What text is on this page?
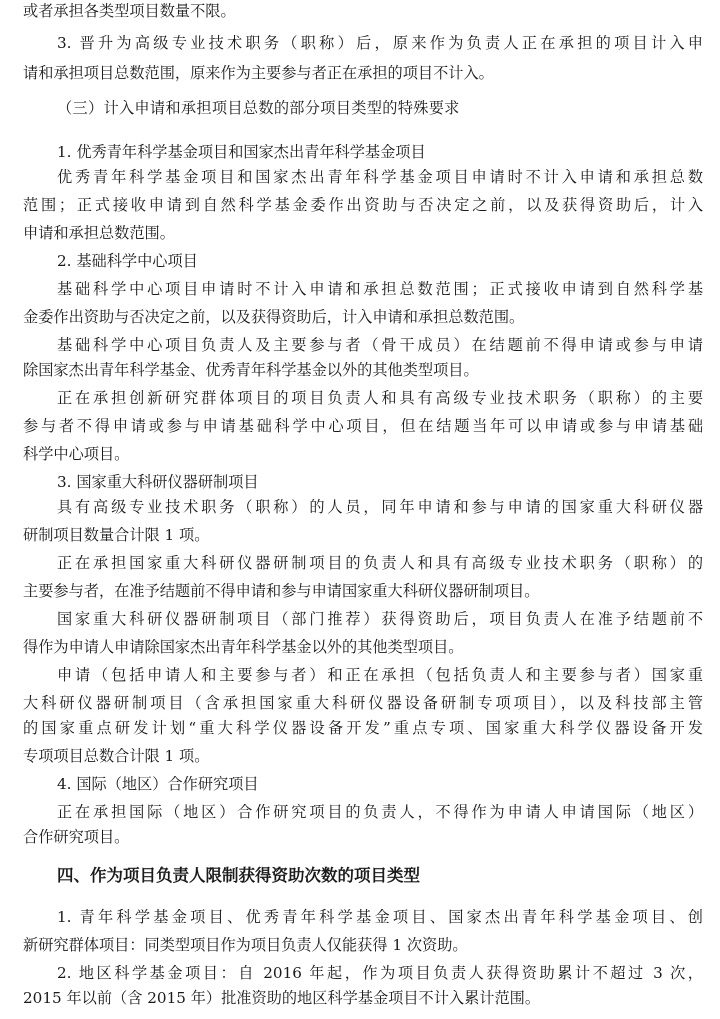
或者承担各类型项目数量不限。
3. 晋升为高级专业技术职务（职称）后，原来作为负责人正在承担的项目计入申
请和承担项目总数范围，原来作为主要参与者正在承担的项目不计入。
（三）计入申请和承担项目总数的部分项目类型的特殊要求
1. 优秀青年科学基金项目和国家杰出青年科学基金项目
优秀青年科学基金项目和国家杰出青年科学基金项目申请时不计入申请和承担总数
范围；正式接收申请到自然科学基金委作出资助与否决定之前，以及获得资助后，计入
申请和承担总数范围。
2. 基础科学中心项目
基础科学中心项目申请时不计入申请和承担总数范围；正式接收申请到自然科学基
金委作出资助与否决定之前，以及获得资助后，计入申请和承担总数范围。
基础科学中心项目负责人及主要参与者（骨干成员）在结题前不得申请或参与申请
除国家杰出青年科学基金、优秀青年科学基金以外的其他类型项目。
正在承担创新研究群体项目的项目负责人和具有高级专业技术职务（职称）的主要
参与者不得申请或参与申请基础科学中心项目，但在结题当年可以申请或参与申请基础
科学中心项目。
3. 国家重大科研仪器研制项目
具有高级专业技术职务（职称）的人员，同年申请和参与申请的国家重大科研仪器
研制项目数量合计限 1 项。
正在承担国家重大科研仪器研制项目的负责人和具有高级专业技术职务（职称）的
主要参与者，在准予结题前不得申请和参与申请国家重大科研仪器研制项目。
国家重大科研仪器研制项目（部门推荐）获得资助后，项目负责人在准予结题前不
得作为申请人申请除国家杰出青年科学基金以外的其他类型项目。
申请（包括申请人和主要参与者）和正在承担（包括负责人和主要参与者）国家重
大科研仪器研制项目（含承担国家重大科研仪器设备研制专项项目），以及科技部主管
的国家重点研发计划“重大科学仪器设备开发”重点专项、国家重大科学仪器设备开发
专项项目总数合计限 1 项。
4. 国际（地区）合作研究项目
正在承担国际（地区）合作研究项目的负责人，不得作为申请人申请国际（地区）
合作研究项目。
四、作为项目负责人限制获得资助次数的项目类型
1. 青年科学基金项目、优秀青年科学基金项目、国家杰出青年科学基金项目、创
新研究群体项目：同类型项目作为项目负责人仅能获得 1 次资助。
2. 地区科学基金项目：自 2016 年起，作为项目负责人获得资助累计不超过 3 次，
2015 年以前（含 2015 年）批准资助的地区科学基金项目不计入累计范围。
